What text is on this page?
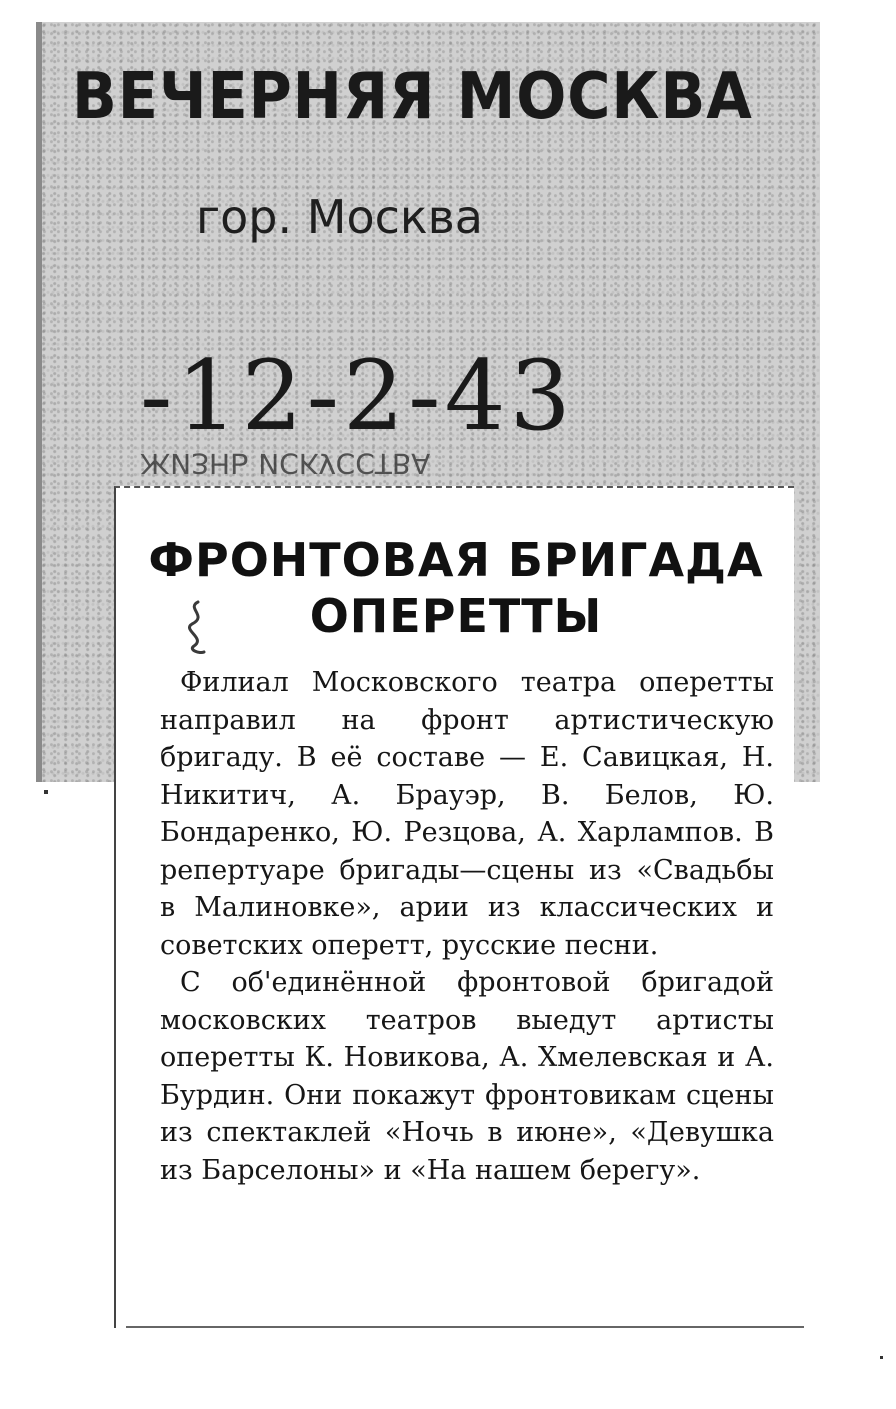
ВЕЧЕРНЯЯ МОСКВА
гор. Москва
-12-2-43
ЖИЗНЬ ИСКУССТВА
ФРОНТОВАЯ БРИГАДА
ОПЕРЕТТЫ

Филиал Московского театра оперетты направил на фронт артистическую бригаду. В её составе — Е. Савицкая, Н. Никитич, А. Брауэр, В. Белов, Ю. Бондаренко, Ю. Резцова, А. Харлампов. В репертуаре бригады—сцены из «Свадьбы в Малиновке», арии из классических и советских оперетт, русские песни.

С об'единённой фронтовой бригадой московских театров выедут артисты оперетты К. Новикова, А. Хмелевская и А. Бурдин. Они покажут фронтовикам сцены из спектаклей «Ночь в июне», «Девушка из Барселоны» и «На нашем берегу».
